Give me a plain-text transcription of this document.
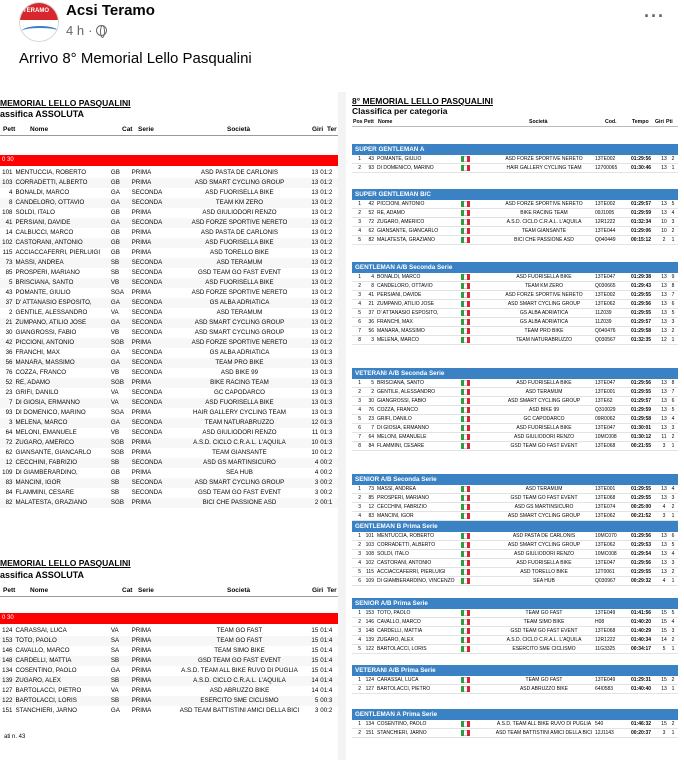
TERAMO
20 giugno 2017
Acsi Teramo
4 h ·
···
Arrivo 8° Memorial Lello Pasqualini
MEMORIAL LELLO PASQUALINI
assifica ASSOLUTA
Pett Nome	Cat Serie	Società	Giri Ter
0 30
101	MENTUCCIA, ROBERTO	GB	PRIMA	ASD PASTA DE CARLONIS	13	01:2
103	CORRADETTI, ALBERTO	GB	PRIMA	ASD SMART CYCLING GROUP	13	01:2
4	BONALDI, MARCO	GA	SECONDA	ASD FUORISELLA BIKE	13	01:2
8	CANDELORO, OTTAVIO	GA	SECONDA	TEAM KM ZERO	13	01:2
108	SOLDI, ITALO	GB	PRIMA	ASD GIULIODORI RENZO	13	01:2
41	PERSIANI, DAVIDE	GA	SECONDA	ASD FORZE SPORTIVE NERETO	13	01:2
14	CALBUCCI, MARCO	GB	PRIMA	ASD PASTA DE CARLONIS	13	01:2
102	CASTORANI, ANTONIO	GB	PRIMA	ASD FUORISELLA BIKE	13	01:2
115	ACCIACCAFERRI, PIERLUIGI	GB	PRIMA	ASD TORELLO BIKE	13	01:2
73	MASSI, ANDREA	SB	SECONDA	ASD TERAMUM	13	01:2
85	PROSPERI, MARIANO	SB	SECONDA	GSD TEAM GO FAST EVENT	13	01:2
5	BRISCIANA, SANTO	VB	SECONDA	ASD FUORISELLA BIKE	13	01:2
43	POMANTE, GIULIO	SGA	PRIMA	ASD FORZE SPORTIVE NERETO	13	01:2
37	D' ATTANASIO ESPOSITO,	GA	SECONDA	GS ALBA ADRIATICA	13	01:2
2	GENTILE, ALESSANDRO	VA	SECONDA	ASD TERAMUM	13	01:2
21	ZUMPANO, ATILIO JOSE	GA	SECONDA	ASD SMART CYCLING GROUP	13	01:2
30	GIANGROSSI, FABIO	VB	SECONDA	ASD SMART CYCLING GROUP	13	01:2
42	PICCIONI, ANTONIO	SGB	PRIMA	ASD FORZE SPORTIVE NERETO	13	01:2
36	FRANCHI, MAX	GA	SECONDA	GS ALBA ADRIATICA	13	01:3
56	MANARA, MASSIMO	GA	SECONDA	TEAM PRO BIKE	13	01:3
76	COZZA, FRANCO	VB	SECONDA	ASD BIKE 99	13	01:3
52	RE, ADAMO	SGB	PRIMA	BIKE RACING TEAM	13	01:3
23	GRIFI, DANILO	VA	SECONDA	GC CAPODARCO	13	01:3
7	DI GIOSIA, ERMANNO	VA	SECONDA	ASD FUORISELLA BIKE	13	01:3
93	DI DOMENICO, MARINO	SGA	PRIMA	HAIR GALLERY CYCLING TEAM	13	01:3
3	MELENA, MARCO	GA	SECONDA	TEAM NATURABRUZZO	12	01:3
64	MELONI, EMANUELE	VB	SECONDA	ASD GIULIODORI RENZO	11	01:3
72	ZUGARO, AMERICO	SGB	PRIMA	A.S.D. CICLO C.R.A.L. L'AQUILA	10	01:3
62	GIANSANTE, GIANCARLO	SGB	PRIMA	TEAM GIANSANTE	10	01:2
12	CECCHINI, FABRIZIO	SB	SECONDA	ASD GS MARTINSICURO	4	00:2
109	DI GIAMBERARDINO,	GB	PRIMA	SEA HUB	4	00:2
83	MANCINI, IGOR	SB	SECONDA	ASD SMART CYCLING GROUP	3	00:2
84	FLAMMINI, CESARE	SB	SECONDA	GSD TEAM GO FAST EVENT	3	00:2
82	MALATESTA, GRAZIANO	SGB	PRIMA	BICI CHE PASSIONE ASD	2	00:1
MEMORIAL LELLO PASQUALINI
assifica ASSOLUTA
Pett Nome	Cat Serie	Società	Giri Ter
0 30
124	CARASSAI, LUCA	VA	PRIMA	TEAM GO FAST	15	01:4
153	TOTO, PAOLO	SA	PRIMA	TEAM GO FAST	15	01:4
146	CAVALLO, MARCO	SA	PRIMA	TEAM SIMO BIKE	15	01:4
148	CARDELLI, MATTIA	SB	PRIMA	GSD TEAM GO FAST EVENT	15	01:4
134	COSENTINO, PAOLO	GA	PRIMA	A.S.D. TEAM ALL BIKE RUVO DI PUGLIA	15	01:4
139	ZUGARO, ALEX	SB	PRIMA	A.S.D. CICLO C.R.A.L. L'AQUILA	14	01:4
127	BARTOLACCI, PIETRO	VA	PRIMA	ASD ABRUZZO BIKE	14	01:4
122	BARTOLACCI, LORIS	SB	PRIMA	ESERCITO SME CICLISMO	5	00:3
151	STANCHIERI, JARNO	GA	PRIMA	ASD TEAM BATTISTINI AMICI DELLA BICI	3	00:2
ati n. 43
8° MEMORIAL LELLO PASQUALINI
Classifica per categoria
Pos Pett Nome	Società	Cod.	Tempo Giri Pti
SUPER GENTLEMAN A
1	43	POMANTE, GIULIO		ASD FORZE SPORTIVE NERETO	13TE002	01:29:56	13	2
2	93	DI DOMENICO, MARINO		HAIR GALLERY CYCLING TEAM	12700065	01:30:46	13	1
SUPER GENTLEMAN B/C
1	42	PICCIONI, ANTONIO		ASD FORZE SPORTIVE NERETO	13TE002	01:29:57	13	5
2	52	RE, ADAMO		BIKE RACING TEAM	09J1005	01:29:59	13	4
3	72	ZUGARO, AMERICO		A.S.D. CICLO C.R.A.L. L'AQUILA	12R1222	01:32:34	10	3
4	62	GIANSANTE, GIANCARLO		TEAM GIANSANTE	13TE044	01:29:06	10	2
5	82	MALATESTA, GRAZIANO		BICI CHE PASSIONE ASD	Q040449	00:15:12	2	1
GENTLEMAN A/B Seconda Serie
1	4	BONALDI, MARCO		ASD FUORISELLA BIKE	13TE047	01:29:38	13	9
2	8	CANDELORO, OTTAVIO		TEAM KM ZERO	Q030665	01:29:43	13	8
3	41	PERSIANI, DAVIDE		ASD FORZE SPORTIVE NERETO	13TE002	01:29:55	13	7
4	21	ZUMPANO, ATILIO JOSE		ASD SMART CYCLING GROUP	13TE062	01:29:56	13	6
5	37	D' ATTANASIO ESPOSITO,		GS ALBA ADRIATICA	11Z039	01:29:55	13	5
6	36	FRANCHI, MAX		GS ALBA ADRIATICA	11Z039	01:29:57	13	3
7	56	MANARA, MASSIMO		TEAM PRO BIKE	Q040476	01:29:58	13	2
8	3	MELENA, MARCO		TEAM NATURABRUZZO	Q030567	01:32:35	12	1
VETERANI A/B Seconda Serie
1	5	BRISCIANA, SANTO		ASD FUORISELLA BIKE	13TE047	01:29:56	13	8
2	2	GENTILE, ALESSANDRO		ASD TERAMUM	13TE001	01:29:55	13	7
3	30	GIANGROSSI, FABIO		ASD SMART CYCLING GROUP	13TE62	01:29:57	13	6
4	76	COZZA, FRANCO		ASD BIKE 99	Q310029	01:29:59	13	5
5	23	GRIFI, DANILO		GC CAPODARCO	09R0062	01:29:58	13	4
6	7	DI GIOSIA, ERMANNO		ASD FUORISELLA BIKE	13TE047	01:30:01	13	3
7	64	MELONI, EMANUELE		ASD GIULIODORI RENZO	10MC008	01:30:12	11	2
8	84	FLAMMINI, CESARE		GSD TEAM GO FAST EVENT	13TE068	00:21:55	3	1
SENIOR A/B Seconda Serie
1	73	MASSI, ANDREA		ASD TERAMUM	13TE001	01:29:55	13	4
2	85	PROSPERI, MARIANO		GSD TEAM GO FAST EVENT	13TE068	01:29:55	13	3
3	12	CECCHINI, FABRIZIO		ASD GS MARTINSICURO	13TE074	00:25:00	4	2
4	83	MANCINI, IGOR		ASD SMART CYCLING GROUP	13TE062	00:21:52	3	1
GENTLEMAN B Prima Serie
1	101	MENTUCCIA, ROBERTO		ASD PASTA DE CARLONIS	10MC070	01:29:56	13	6
2	103	CORRADETTI, ALBERTO		ASD SMART CYCLING GROUP	13TE062	01:29:53	13	5
3	108	SOLDI, ITALO		ASD GIULIODORI RENZO	10MC008	01:29:54	13	4
4	102	CASTORANI, ANTONIO		ASD FUORISELLA BIKE	13TE047	01:29:56	13	3
5	115	ACCIACCAFERRI, PIERLUIGI		ASD TORELLO BIKE	12T0061	01:29:55	13	2
6	109	DI GIAMBERARDINO, VINCENZO		SEA HUB	Q030967	00:29:32	4	1
SENIOR A/B Prima Serie
1	153	TOTO, PAOLO		TEAM GO FAST	13TE049	01:41:56	15	5
2	146	CAVALLO, MARCO		TEAM SIMO BIKE	H08	01:40:20	15	4
3	148	CARDELLI, MATTIA		GSD TEAM GO FAST EVENT	13TE068	01:40:29	15	3
4	139	ZUGARO, ALEX		A.S.D. CICLO C.R.A.L. L'AQUILA	12R1222	01:40:34	14	2
5	122	BARTOLACCI, LORIS		ESERCITO SME CICLISMO	11G3325	00:34:17	5	1
VETERANI A/B Prima Serie
1	124	CARASSAI, LUCA		TEAM GO FAST	13TE049	01:29:31	15	2
2	127	BARTOLACCI, PIETRO		ASD ABRUZZO BIKE	64I0583	01:40:40	13	1
GENTLEMAN A Prima Serie
1	134	COSENTINO, PAOLO		A.S.D. TEAM ALL BIKE RUVO DI PUGLIA	540	01:46:32	15	2
2	151	STANCHIERI, JARNO		ASD TEAM BATTISTINI AMICI DELLA BICI	12J1143	00:20:37	3	1
